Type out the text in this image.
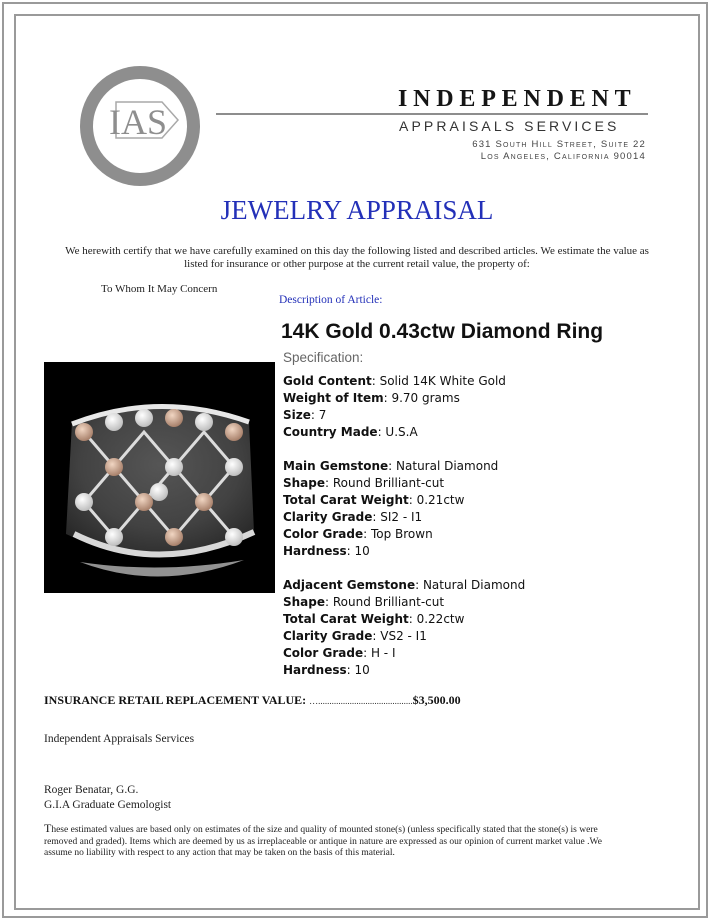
Appraisal
IAS
INDEPENDENT
APPRAISALS SERVICES
631 South Hill Street, Suite 22
Los Angeles, California 90014
JEWELRY APPRAISAL
We herewith certify that we have carefully examined on this day the following listed and described articles. We estimate the value as listed for insurance or other purpose at the current retail value, the property of:
To Whom It May Concern
Description of Article:
14K Gold 0.43ctw Diamond Ring
Specification:
Gold Content: Solid 14K White Gold
Weight of Item: 9.70 grams
Size: 7
Country Made: U.S.A
Main Gemstone: Natural Diamond
Shape: Round Brilliant-cut
Total Carat Weight: 0.21ctw
Clarity Grade: SI2 - I1
Color Grade: Top Brown
Hardness: 10
Adjacent Gemstone: Natural Diamond
Shape: Round Brilliant-cut
Total Carat Weight: 0.22ctw
Clarity Grade: VS2 - I1
Color Grade: H - I
Hardness: 10
INSURANCE RETAIL REPLACEMENT VALUE: …..........................................$3,500.00
Independent Appraisals Services
Roger Benatar, G.G.
G.I.A Graduate Gemologist
These estimated values are based only on estimates of the size and quality of mounted stone(s) (unless specifically stated that the stone(s) is were removed and graded). Items which are deemed by us as irreplaceable or antique in nature are expressed as our opinion of current market value .We assume no liability with respect to any action that may be taken on the basis of this material.
